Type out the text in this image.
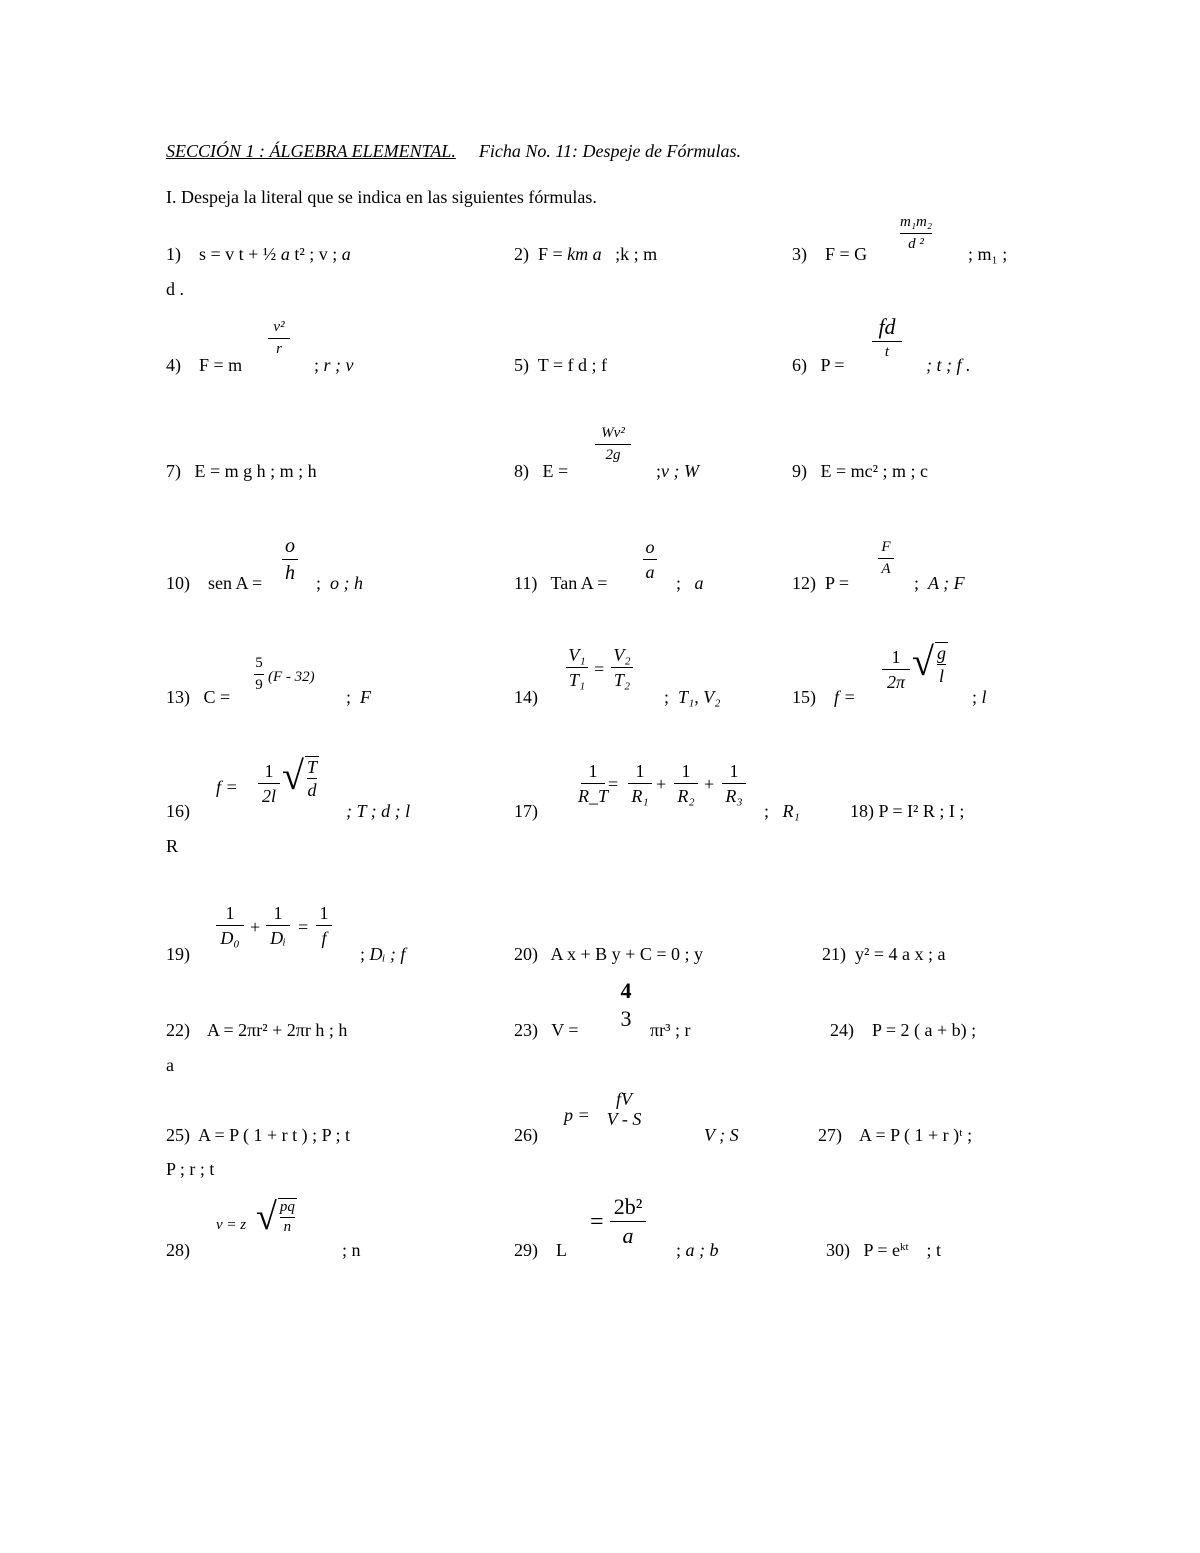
SECCIÓN 1 : ÁLGEBRA ELEMENTAL. Ficha No. 11: Despeje de Fórmulas.
I. Despeja la literal que se indica en las siguientes fórmulas.
1) s = v t + ½ a t² ; v ; a
d .
2) F = km a ;k ; m	3) F = G
m₁m₂
d ² ; m₁ ;
4) F = m
v²
r
; r ; v	5) T = f d ; f	6) P =
fd
t
; t ; f .
7) E = m g h ; m ; h	8) E =
Wv²
2g
;v ; W	9) E = mc² ; m ; c
10) sen A =
o
h ; o ; h	11) Tan A =
o
a
; a	12) P =
F
A
; A ; F
13) C =
5
9 (F - 32)
; F	14)
V₁
T₁
=
V₂
T₂
; T₁, V₂	15) f =
1
2π √ g
l
; l
16)
f =
1
2l √ T
d
; T ; d ; l
R
17)
1
R_T
=
1
R₁
+
1
R₂
+
1
R₃
; R₁	18) P = I² R ; I ;
19)
1
D₀
+
1
Dᵢ
=
1
f
; Dᵢ ; f	20) A x + B y + C = 0 ; y	21) y² = 4 a x ; a
22) A = 2πr² + 2πr h ; h
a
23) V =
4
3 πr³ ; r	24) P = 2 ( a + b) ;
25) A = P ( 1 + r t ) ; P ; t
P ; r ; t
26)
p =
fV
V - S
V ; S	27) A = P ( 1 + r )ᵗ ;
28)
v = z √ pq
n
; n	29) L
=
2b²
a
; a ; b	30) $P = e^{kt}$ ; t
